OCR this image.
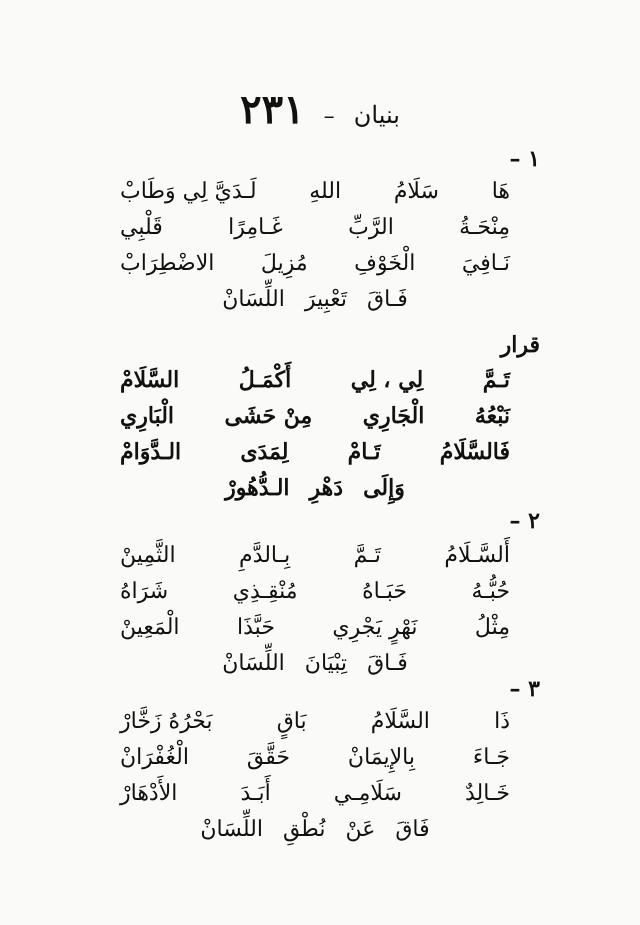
بنيان – ٢٣١
١ –
هَا
سَلَامُ
اللهِ
لَـدَيَّ لِي وَطَابْ
مِنْحَـةُ
الرَّبِّ
غَـامِرًا
قَلْبِي
نَـافِيَ
الْخَوْفِ
مُزِيلَ
الاضْطِرَابْ
فَـاقَ
تَعْبِيرَ
اللِّسَانْ
قرار
تَـمَّ
لِي ، لِي
أَكْمَـلُ
السَّلَامْ
نَبْعُهُ
الْجَارِي
مِنْ حَشَى
الْبَارِي
فَالسَّلَامُ
تَـامْ
لِمَدَى
الـدَّوَامْ
وَإِلَى
دَهْرِ
الـدُّهُورْ
٢ –
أَلسَّـلَامُ
تَـمَّ
بِـالدَّمِ
الثَّمِينْ
حُبُّـهُ
حَبَـاهُ
مُنْقِـذِي
شَرَاهُ
مِثْلُ
نَهْرٍ يَجْرِي
حَبَّذَا
الْمَعِينْ
فَـاقَ
تِبْيَانَ
اللِّسَانْ
٣ –
ذَا
السَّلَامُ
بَاقٍ
بَحْرُهُ زَخَّارْ
جَـاءَ
بِالإِيمَانْ
حَقَّقَ
الْغُفْرَانْ
خَـالِدٌ
سَلَامِـي
أَبَـدَ
الأَدْهَارْ
فَاقَ
عَنْ
نُطْقِ
اللِّسَانْ
